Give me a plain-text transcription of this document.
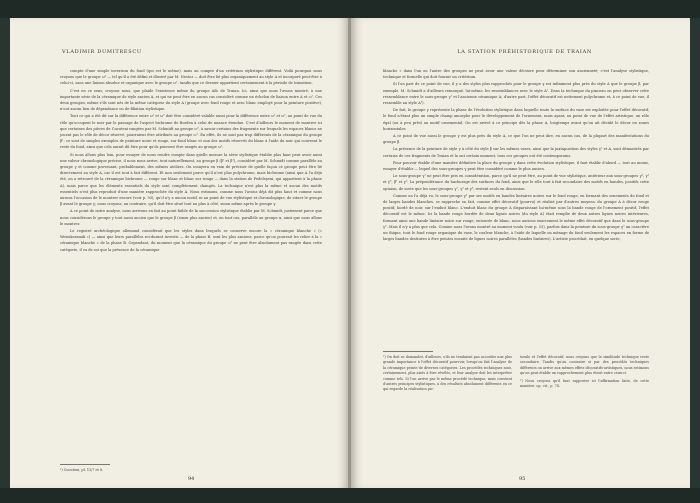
VLADIMIR DUMITRESCU

compte d'une simple inversion du fond (qui est le même), mais au compte d'un critérium stylistique différent. Voilà pourquoi nous croyons que le groupe ω² — tel qu'il a été défini et illustré par M. Nestor — doit être lié plus organiquement au style A et incorporé peut-être à celui-ci, sans une liaison absolue et organique avec le groupe ω¹, tandis que ce dernier appartient certainement à la période de transition.

C'est en ce sens, croyons nous, que plaide l'existence même du groupe AB₂ de Traian. Ici, ainsi que nous l'avons montré, à une importante série de la céramique de style ancien A, et qui ne peut être en aucun cas considéré comme un échelon de liaison entre A et ω¹. Ces deux groupes, même s'ils sont nés de la même catégorie du style A (groupe avec fond rouge et avec blanc employé pour la peinture positive), n'ont aucun lien de dépendance ou de filiation stylistique.

Tout ce qui a été dit sur la différence entre ω¹ et ω² doit être considéré valable aussi pour la différence entre ω¹ et ω², au point de vue du rôle qu'occupent le noir par le passage de l'aspect bichrome de Bordea à celui de nuance étendue. C'est d'ailleurs le moment de montrer ici que certaines des pièces de Cucuteni rangées par M. Schmidt au groupe ω², à savoir certains des fragments sur lesquels les espaces blancs ne jouent pas le rôle de décor réservé, pourraient être attribués au groupe ω¹. En effet, ils ne sont pas trop différents de la céramique du groupe β¹: ce sont de simples exemples de peinture noire et rouge, sur fond blanc et non des motifs réservés du blanc à l'aide du noir qui couvrent le reste du fond, ainsi que cela aurait dû être pour qu'ils puissent être rangés au groupe ω².

Si nous allons plus loin, pour essayer de nous rendre compte dans quelle mesure la série stylistique établie plus haut peut avoir aussi une valeur chronologique précise, il nous nous arrive, tout naturellement, au groupe β (β¹ et β²), considéré par M. Schmidt comme parallèle au groupe γ et comme provenant, probablement, des mêmes ateliers. On essayera en vain de préciser de quelle façon ce groupe peut être lié directement au style A, car il est tout à fait différent. Et non seulement parce qu'il n'est plus polychrome, mais bichrome (ainsi que A l'a déjà été, on a retrouvé de la céramique bichrome — rouge sur blanc et blanc sur rouge — dans la station de Fedeleşeni, qui appartient à la phase A), mais parce que les éléments essentiels du style sont complètement changés. La technique n'est plus la même et aucun des motifs essentiels n'est plus reproduit d'une manière rapprochée du style A. Nous estimons, comme nous l'avons déjà dit plus haut et comme nous aurons l'occasion de le montrer encore (voir p. 93), qu'il n'y a aucun motif, ni au point de vue stylistique et chronologique, de situer le groupe β avant le groupe γ; nous croyons, au contraire, qu'il doit être situé tout au plus à côté, sinon même après le groupe γ.

A ce point de notre analyse, nous arrivons en fait au point faible de la succession stylistique établie par M. Schmidt, justement parce que nous considérons le groupe γ tout aussi ancien que le groupe β (sinon plus ancien) et, en tout cas, parallèle au groupe α, ainsi que nous allons le montrer.

Le registré archéologique allemand considérait que les styles dans lesquels se conserve encore la « céramique blanche » (« Weisskeramik ») — ainsi que leurs parallèles roi-durant investis — de la phase B, sont les plus anciens, parce qu'on pourrait les relier à la « céramique blanche » de la phase B. Cependant, du moment que la céramique du groupe ω² ne peut être absolument pas rangée dans cette catégorie, il va de soi que la présence de la céramique

¹) Cucuteni, pl. 13/7 et 8.
94
LA STATION PRÉHISTORIQUE DE TRAIAN

blanche » dans l'un ou l'autre des groupes ne peut avoir une valeur décisive pour déterminer son ancienneté; c'est l'analyse stylistique, technique et formelle qui doit fournir un critérium.

Si l'on part de ce point de vue, il y a des styles plus rapprochés pour le groupe γ est infiniment plus près du style A que le groupe β, par exemple. M. Schmidt a d'ailleurs remarqué, lui-même, les ressemblances avec le style A¹. Dans la technique du pinceau on peut observer cette ressemblance entre le sous-groupe γ¹ et l'ancienne céramique A; d'autre part, l'effet décoratif est nettement polychrome et, à ce point de vue, il ressemble au style A²).

De fait, le groupe γ représente la phase de l'évolution stylistique dans laquelle toute la surface du vase est exploitée pour l'effet décoratif, le fond n'étant plus un simple champ amorphe pour le développement de l'ornement, mais ayant, au point de vue de l'effet artistique, un rôle égal (ou à peu près) au motif ornemental. On est arrivé à ce principe dès la phase A, longtemps avant qu'on ait décidé le décor en zones horizontales.

A ce point de vue aussi le groupe γ est plus près du style A, ce que l'on ne peut dire, en aucun cas, de la plupart des manifestations du groupe β.

La présence de la peinture de style γ à côté du style β sur les mêmes vases, ainsi que la juxtaposition des styles γ¹ et A, sont démontrés par certains de ces fragments de Traian et la ont certain moment, tous ces groupes ont été contemporains.

Pour pouvoir établir d'une manière définitive la place du groupe γ dans cette évolution stylistique, il faut établir d'abord — tout au moins, essayer d'établir — lequel des sous-groupes γ peut être considéré comme le plus ancien.

Le sous-groupe γ¹ ne peut être pris en considération, parce qu'il ne peut être, au point de vue stylistique, antérieur aux sous-groupes γ², γ³ et γ⁴, β¹ et γ⁵. La prépondérance du hachurage des surfaces du fond, ainsi que le rôle tout à fait secondaire des motifs en bandes, positifs cette opinion, de sorte que les sous-groupes γ², γ³ et γ⁴, restent seuls en discussion.

Comme on l'a déjà vu, le sous-groupe γ² par ses motifs en bandes linéaires noires sur le fond rouge, en formant des ornements du fond et de larges bandes blanches, se rapproche en fait, comme effet décoratif (pourvu) et réalisé par d'autres moyens, du groupe A à décor rouge positif, bordé de noir, sur l'enduit blanc. L'enduit blanc du groupe A disparaissant lui-même sous la bande rouge de l'ornement positif, l'effet décoratif est le même. Ici la bande rouge bordée de deux lignes noires (du style A) était remplie de deux autres lignes noires intérieures, formant ainsi une bande linéaire noire sur rouge, entourée de blanc, nous aurions exactement le même effet décoratif que dans le sous-groupe γ². Mais il n'y a plus que cela. Comme nous l'avons montré au moment voulu (voir p. 53), parfois dans la peinture du sous-groupe γ² un caractère un thique, tout le fond rouge organique du vase, le couleur blanche, à l'aide de laquelle on ménage du fond seulement les espaces en forme de larges bandes destinées à être peintes ensuite de lignes noires parallèles (bandes linéaires). L'artiste procédait, en quelque sorte,

¹) On doit se demander, d'ailleurs, s'ils ne tendaient pas accorder une plus grande importance à l'effet décoratif pourvoir, lorsqu'on fait l'analyse de la céramique peinte de diverses catégories. Les procédés techniques sont, certainement, plus aisés à être révélés, et leur analyse doit les interpréter comme tels. Si l'on arrive par le même procédé technique, mais convient d'autres principes stylistiques, à des résultats absolument différents en ce qui regarde la réalisation pic-
turale et l'effet décoratif, nous croyons que la similitude technique reste secondaire. Tandis qu'au contraire si par des procédés techniques différents on arrive aux mêmes effets décoratifs-artistiques, nous estimons qu'on peut établir un rapprochement plus étroit entre ceux-ci.
²) Nous croyons qu'il faut rapporter ici l'affirmation faite, de cette manière: op. cit., p. 74.
95
